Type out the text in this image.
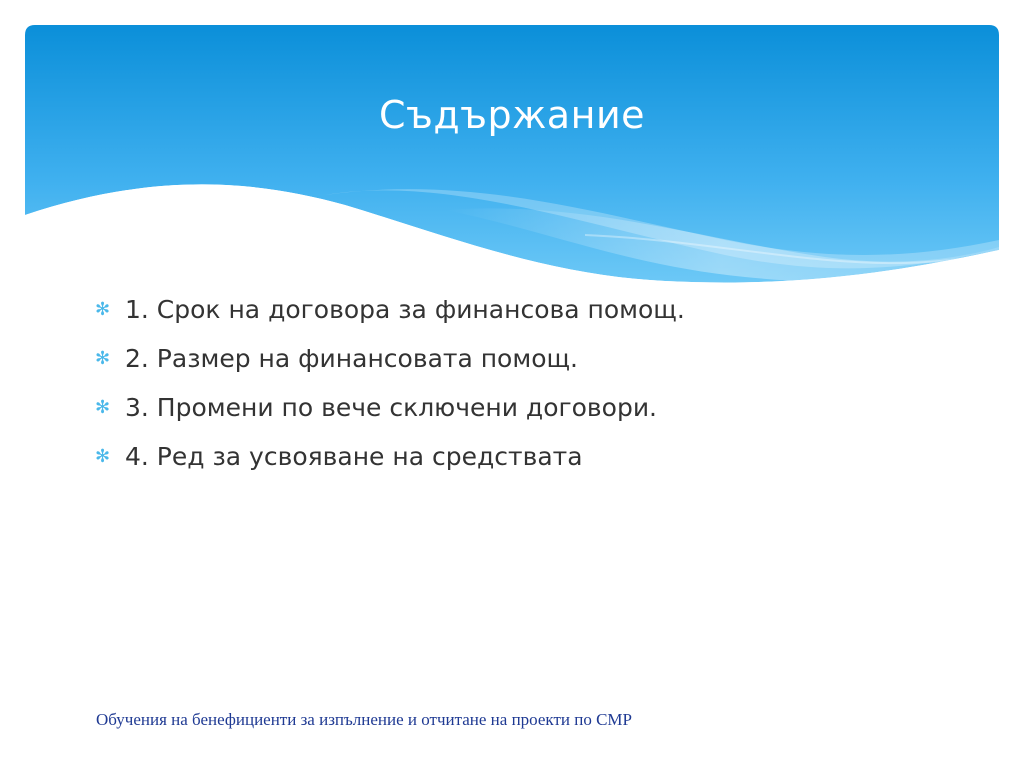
Съдържание
✻ 1. Срок на договора за финансова помощ.
✻ 2. Размер на финансовата помощ.
✻ 3. Промени по вече сключени договори.
✻ 4. Ред за усвояване на средствата
Обучения на бенефициенти за изпълнение и отчитане на проекти по СМР
